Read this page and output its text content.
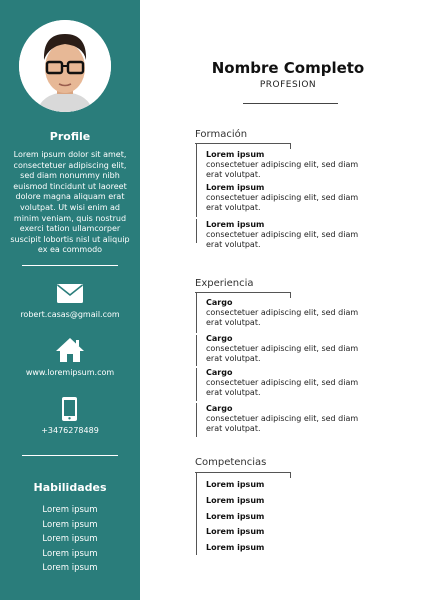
Profile
Lorem ipsum dolor sit amet, consectetuer adipiscing elit, sed diam nonummy nibh euismod tincidunt ut laoreet dolore magna aliquam erat volutpat. Ut wisi enim ad minim veniam, quis nostrud exerci tation ullamcorper suscipit lobortis nisl ut aliquip ex ea commodo
robert.casas@gmail.com
www.loremipsum.com
+3476278489
Habilidades
Lorem ipsum
Lorem ipsum
Lorem ipsum
Lorem ipsum
Lorem ipsum
Nombre Completo
PROFESION
Formación
Lorem ipsum
consectetuer adipiscing elit, sed diam erat volutpat.
Lorem ipsum
consectetuer adipiscing elit, sed diam erat volutpat.
Lorem ipsum
consectetuer adipiscing elit, sed diam erat volutpat.
Experiencia
Cargo
consectetuer adipiscing elit, sed diam erat volutpat.
Cargo
consectetuer adipiscing elit, sed diam erat volutpat.
Cargo
consectetuer adipiscing elit, sed diam erat volutpat.
Cargo
consectetuer adipiscing elit, sed diam erat volutpat.
Competencias
Lorem ipsum
Lorem ipsum
Lorem ipsum
Lorem ipsum
Lorem ipsum
